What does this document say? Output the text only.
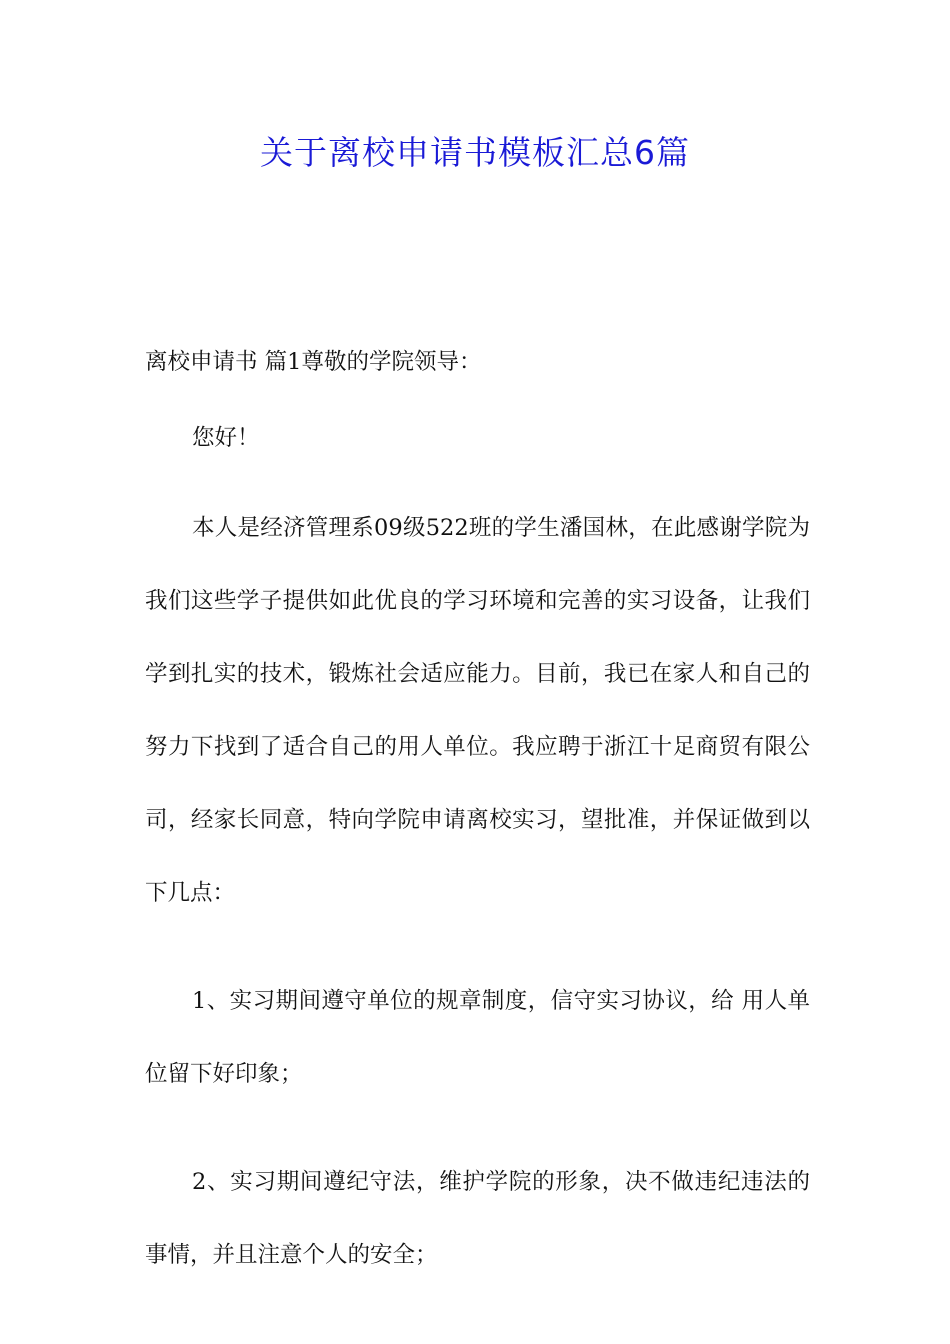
关于离校申请书模板汇总6篇

离校申请书 篇1尊敬的学院领导：

您好！

本人是经济管理系09级522班的学生潘国林，在此感谢学院为我们这些学子提供如此优良的学习环境和完善的实习设备，让我们学到扎实的技术，锻炼社会适应能力。目前，我已在家人和自己的努力下找到了适合自己的用人单位。我应聘于浙江十足商贸有限公司，经家长同意，特向学院申请离校实习，望批准，并保证做到以下几点：

1、实习期间遵守单位的规章制度，信守实习协议，给 用人单位留下好印象；

2、实习期间遵纪守法，维护学院的形象，决不做违纪违法的事情，并且注意个人的安全；
